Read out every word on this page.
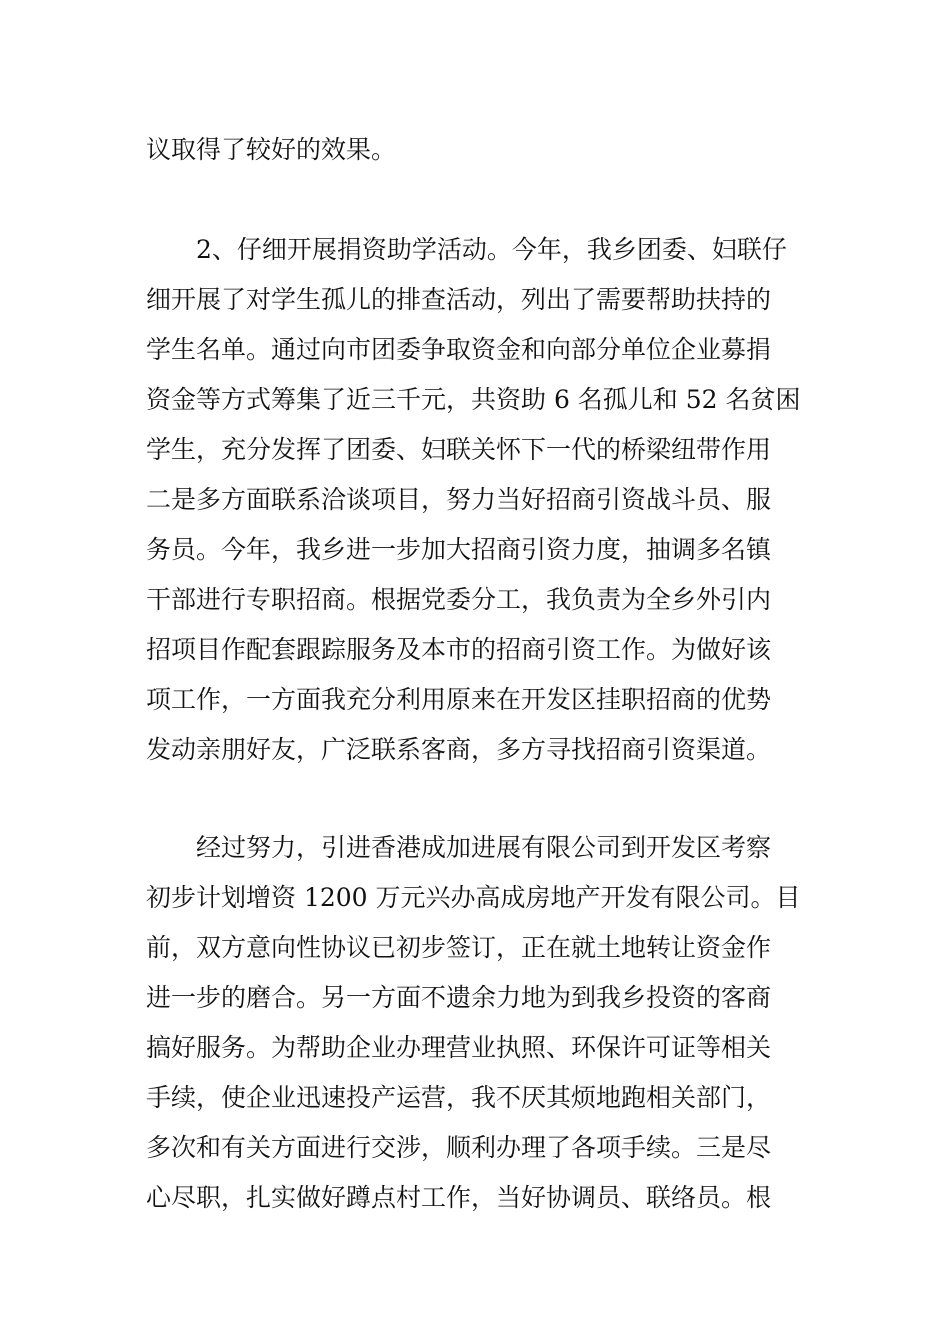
议取得了较好的效果。

2、仔细开展捐资助学活动。今年，我乡团委、妇联仔

细开展了对学生孤儿的排查活动，列出了需要帮助扶持的

学生名单。通过向市团委争取资金和向部分单位企业募捐

资金等方式筹集了近三千元，共资助 6 名孤儿和 52 名贫困

学生，充分发挥了团委、妇联关怀下一代的桥梁纽带作用

二是多方面联系洽谈项目，努力当好招商引资战斗员、服

务员。今年，我乡进一步加大招商引资力度，抽调多名镇

干部进行专职招商。根据党委分工，我负责为全乡外引内

招项目作配套跟踪服务及本市的招商引资工作。为做好该

项工作，一方面我充分利用原来在开发区挂职招商的优势

发动亲朋好友，广泛联系客商，多方寻找招商引资渠道。

经过努力，引进香港成加进展有限公司到开发区考察

初步计划增资 1200 万元兴办高成房地产开发有限公司。目

前，双方意向性协议已初步签订，正在就土地转让资金作

进一步的磨合。另一方面不遗余力地为到我乡投资的客商

搞好服务。为帮助企业办理营业执照、环保许可证等相关

手续，使企业迅速投产运营，我不厌其烦地跑相关部门，

多次和有关方面进行交涉，顺利办理了各项手续。三是尽

心尽职，扎实做好蹲点村工作，当好协调员、联络员。根
